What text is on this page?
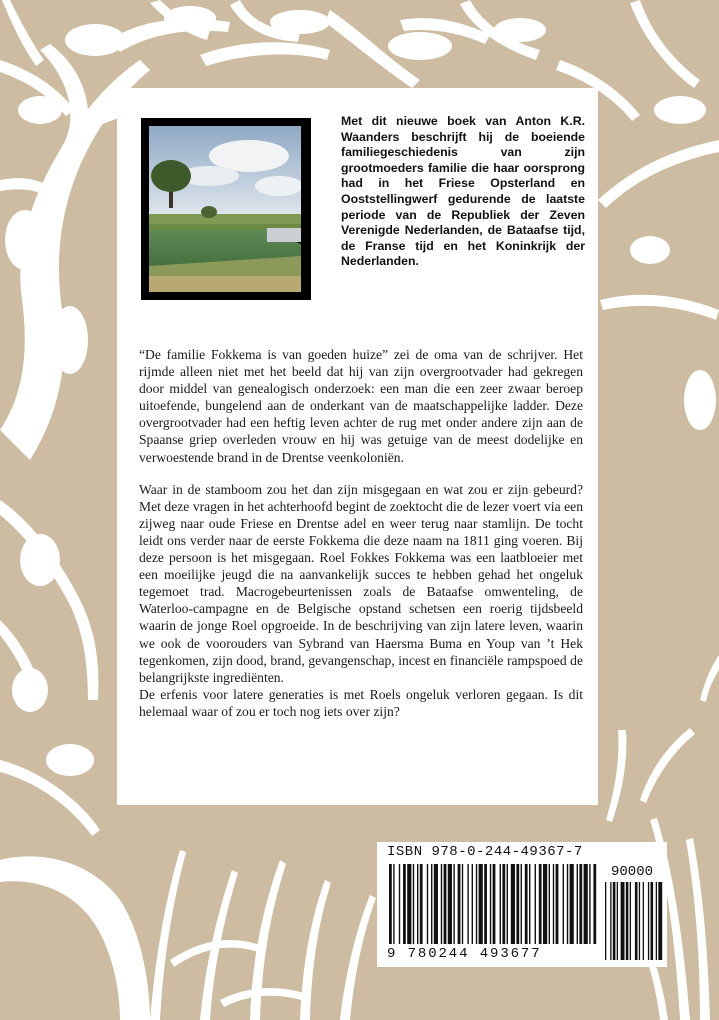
Met dit nieuwe boek van Anton K.R. Waanders beschrijft hij de boeiende familiegeschiedenis van zijn grootmoeders familie die haar oorsprong had in het Friese Opsterland en Ooststellingwerf gedurende de laatste periode van de Republiek der Zeven Verenigde Nederlanden, de Bataafse tijd, de Franse tijd en het Koninkrijk der Nederlanden.

“De familie Fokkema is van goeden huize” zei de oma van de schrijver. Het rijmde alleen niet met het beeld dat hij van zijn overgrootvader had gekregen door middel van genealogisch onderzoek: een man die een zeer zwaar beroep uitoefende, bungelend aan de onderkant van de maatschappelijke ladder. Deze overgrootvader had een heftig leven achter de rug met onder andere zijn aan de Spaanse griep overleden vrouw en hij was getuige van de meest dodelijke en verwoestende brand in de Drentse veenkoloniën.

Waar in de stamboom zou het dan zijn misgegaan en wat zou er zijn gebeurd? Met deze vragen in het achterhoofd begint de zoektocht die de lezer voert via een zijweg naar oude Friese en Drentse adel en weer terug naar stamlijn. De tocht leidt ons verder naar de eerste Fokkema die deze naam na 1811 ging voeren. Bij deze persoon is het misgegaan. Roel Fokkes Fokkema was een laatbloeier met een moeilijke jeugd die na aanvankelijk succes te hebben gehad het ongeluk tegemoet trad. Macrogebeurtenissen zoals de Bataafse omwenteling, de Waterloo-campagne en de Belgische opstand schetsen een roerig tijdsbeeld waarin de jonge Roel opgroeide. In de beschrijving van zijn latere leven, waarin we ook de voorouders van Sybrand van Haersma Buma en Youp van ’t Hek tegenkomen, zijn dood, brand, gevangenschap, incest en financiële rampspoed de belangrijkste ingrediënten.

De erfenis voor latere generaties is met Roels ongeluk verloren gegaan. Is dit helemaal waar of zou er toch nog iets over zijn?

ISBN 978-0-244-49367-7
90000
9 780244 493677
